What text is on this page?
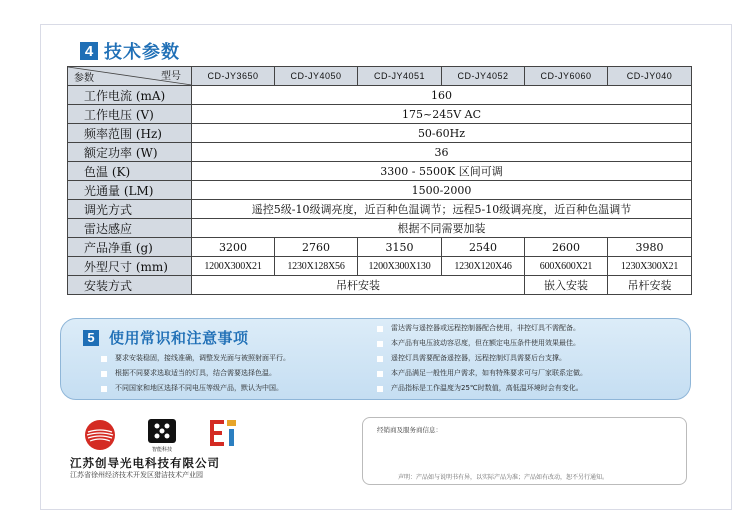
4 技术参数
参数 型号	CD-JY3650	CD-JY4050	CD-JY4051	CD-JY4052	CD-JY6060	CD-JY040
工作电流 (mA)	160					
工作电压 (V)	175~245V AC					
频率范围 (Hz)	50-60Hz					
额定功率 (W)	36					
色温 (K)	3300 - 5500K 区间可调					
光通量 (LM)	1500-2000					
调光方式	遥控5级-10级调亮度，近百种色温调节；远程5-10级调亮度，近百种色温调节					
雷达感应	根据不同需要加装					
产品净重 (g)	3200	2760	3150	2540	2600	3980
外型尺寸 (mm)	1200X300X21	1230X128X56	1200X300X130	1230X120X46	600X600X21	1230X300X21
安装方式	吊杆安装				嵌入安装	吊杆安装
5 使用常识和注意事项
要求安装稳固，接线准确，调整发光面与被照射面平行。
根据不同要求选取适当的灯具，结合需要选择色温。
不同国家和地区选择不同电压等级产品，默认为中国。
雷达需与遥控器或远程控制器配合使用，非控灯具不需配备。
本产品有电压波动容忍度，但在额定电压条件使用效果最佳。
遥控灯具需要配备遥控器，远程控制灯具需要后台支撑。
本产品满足一般性用户需求，如有特殊要求可与厂家联系定做。
产品指标是工作温度为25℃时数值，高低温环境时会有变化。
智能科技
江苏创导光电科技有限公司
江苏省徐州经济技术开发区猎洁技术产业园
经销商及服务商信息：
声明：产品如与说明书有异，以实际产品为准；产品如有改动，恕不另行通知。
